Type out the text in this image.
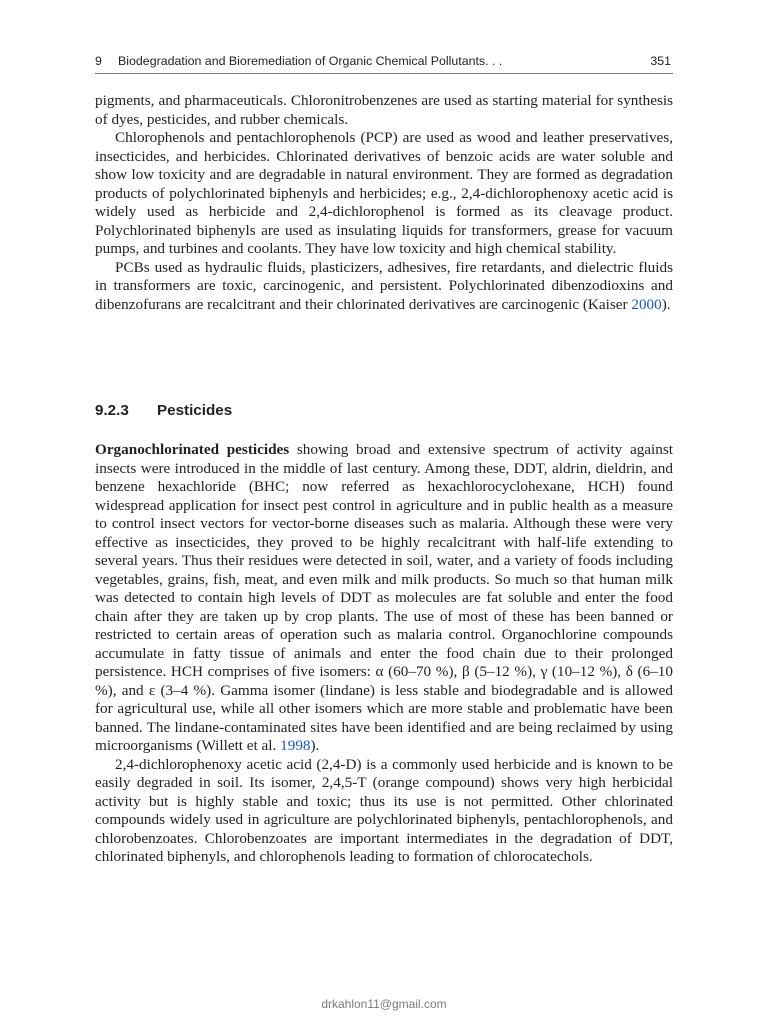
9 Biodegradation and Bioremediation of Organic Chemical Pollutants. . .	351

pigments, and pharmaceuticals. Chloronitrobenzenes are used as starting material for synthesis of dyes, pesticides, and rubber chemicals.

Chlorophenols and pentachlorophenols (PCP) are used as wood and leather preservatives, insecticides, and herbicides. Chlorinated derivatives of benzoic acids are water soluble and show low toxicity and are degradable in natural environment. They are formed as degradation products of polychlorinated biphenyls and herbicides; e.g., 2,4-dichlorophenoxy acetic acid is widely used as herbicide and 2,4-dichlorophenol is formed as its cleavage product. Polychlorinated biphenyls are used as insulating liquids for transformers, grease for vacuum pumps, and turbines and coolants. They have low toxicity and high chemical stability.

PCBs used as hydraulic fluids, plasticizers, adhesives, fire retardants, and dielectric fluids in transformers are toxic, carcinogenic, and persistent. Polychlorinated dibenzodioxins and dibenzofurans are recalcitrant and their chlorinated derivatives are carcinogenic (Kaiser 2000).

9.2.3 Pesticides

Organochlorinated pesticides showing broad and extensive spectrum of activity against insects were introduced in the middle of last century. Among these, DDT, aldrin, dieldrin, and benzene hexachloride (BHC; now referred as hexachlorocyclohexane, HCH) found widespread application for insect pest control in agriculture and in public health as a measure to control insect vectors for vector-borne diseases such as malaria. Although these were very effective as insecticides, they proved to be highly recalcitrant with half-life extending to several years. Thus their residues were detected in soil, water, and a variety of foods including vegetables, grains, fish, meat, and even milk and milk products. So much so that human milk was detected to contain high levels of DDT as molecules are fat soluble and enter the food chain after they are taken up by crop plants. The use of most of these has been banned or restricted to certain areas of operation such as malaria control. Organochlorine compounds accumulate in fatty tissue of animals and enter the food chain due to their prolonged persistence. HCH comprises of five isomers: α (60–70 %), β (5–12 %), γ (10–12 %), δ (6–10 %), and ε (3–4 %). Gamma isomer (lindane) is less stable and biodegradable and is allowed for agricultural use, while all other isomers which are more stable and problematic have been banned. The lindane-contaminated sites have been identified and are being reclaimed by using microorganisms (Willett et al. 1998).

2,4-dichlorophenoxy acetic acid (2,4-D) is a commonly used herbicide and is known to be easily degraded in soil. Its isomer, 2,4,5-T (orange compound) shows very high herbicidal activity but is highly stable and toxic; thus its use is not permitted. Other chlorinated compounds widely used in agriculture are polychlorinated biphenyls, pentachlorophenols, and chlorobenzoates. Chlorobenzoates are important intermediates in the degradation of DDT, chlorinated biphenyls, and chlorophenols leading to formation of chlorocatechols.

drkahlon11@gmail.com
